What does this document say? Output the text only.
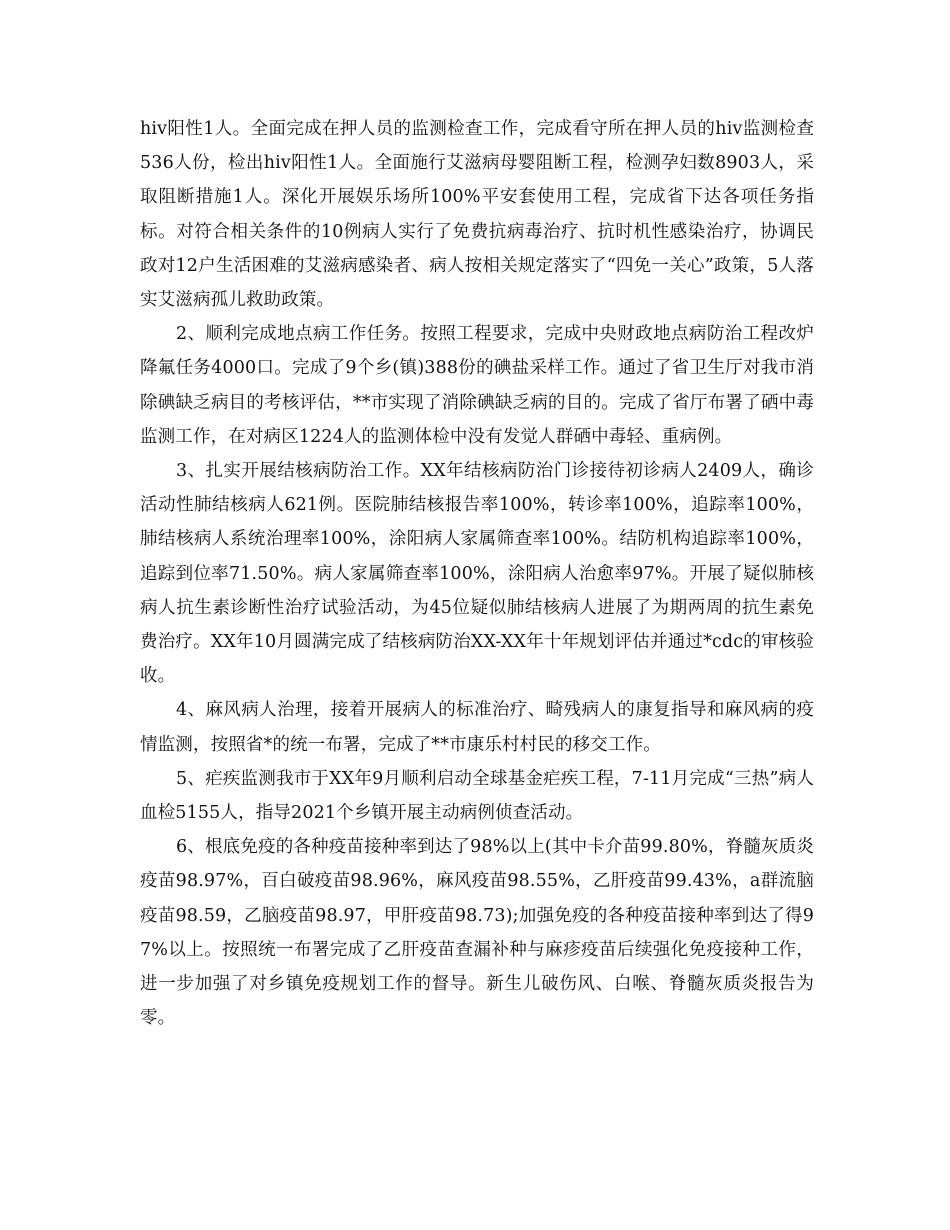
hiv阳性1人。全面完成在押人员的监测检查工作，完成看守所在押人员的hiv监测检查536人份，检出hiv阳性1人。全面施行艾滋病母婴阻断工程，检测孕妇数8903人，采取阻断措施1人。深化开展娱乐场所100%平安套使用工程，完成省下达各项任务指标。对符合相关条件的10例病人实行了免费抗病毒治疗、抗时机性感染治疗，协调民政对12户生活困难的艾滋病感染者、病人按相关规定落实了“四免一关心”政策，5人落实艾滋病孤儿救助政策。

2、顺利完成地点病工作任务。按照工程要求，完成中央财政地点病防治工程改炉降氟任务4000口。完成了9个乡(镇)388份的碘盐采样工作。通过了省卫生厅对我市消除碘缺乏病目的考核评估，**市实现了消除碘缺乏病的目的。完成了省厅布署了硒中毒监测工作，在对病区1224人的监测体检中没有发觉人群硒中毒轻、重病例。

3、扎实开展结核病防治工作。XX年结核病防治门诊接待初诊病人2409人，确诊活动性肺结核病人621例。医院肺结核报告率100%，转诊率100%，追踪率100%，肺结核病人系统治理率100%，涂阳病人家属筛查率100%。结防机构追踪率100%，追踪到位率71.50%。病人家属筛查率100%，涂阳病人治愈率97%。开展了疑似肺核病人抗生素诊断性治疗试验活动，为45位疑似肺结核病人进展了为期两周的抗生素免费治疗。XX年10月圆满完成了结核病防治XX-XX年十年规划评估并通过*cdc的审核验收。

4、麻风病人治理，接着开展病人的标准治疗、畸残病人的康复指导和麻风病的疫情监测，按照省*的统一布署，完成了**市康乐村村民的移交工作。

5、疟疾监测我市于XX年9月顺利启动全球基金疟疾工程，7-11月完成“三热”病人血检5155人，指导2021个乡镇开展主动病例侦查活动。

6、根底免疫的各种疫苗接种率到达了98%以上(其中卡介苗99.80%，脊髓灰质炎疫苗98.97%，百白破疫苗98.96%，麻风疫苗98.55%，乙肝疫苗99.43%，a群流脑疫苗98.59，乙脑疫苗98.97，甲肝疫苗98.73);加强免疫的各种疫苗接种率到达了得97%以上。按照统一布署完成了乙肝疫苗查漏补种与麻疹疫苗后续强化免疫接种工作，进一步加强了对乡镇免疫规划工作的督导。新生儿破伤风、白喉、脊髓灰质炎报告为零。
